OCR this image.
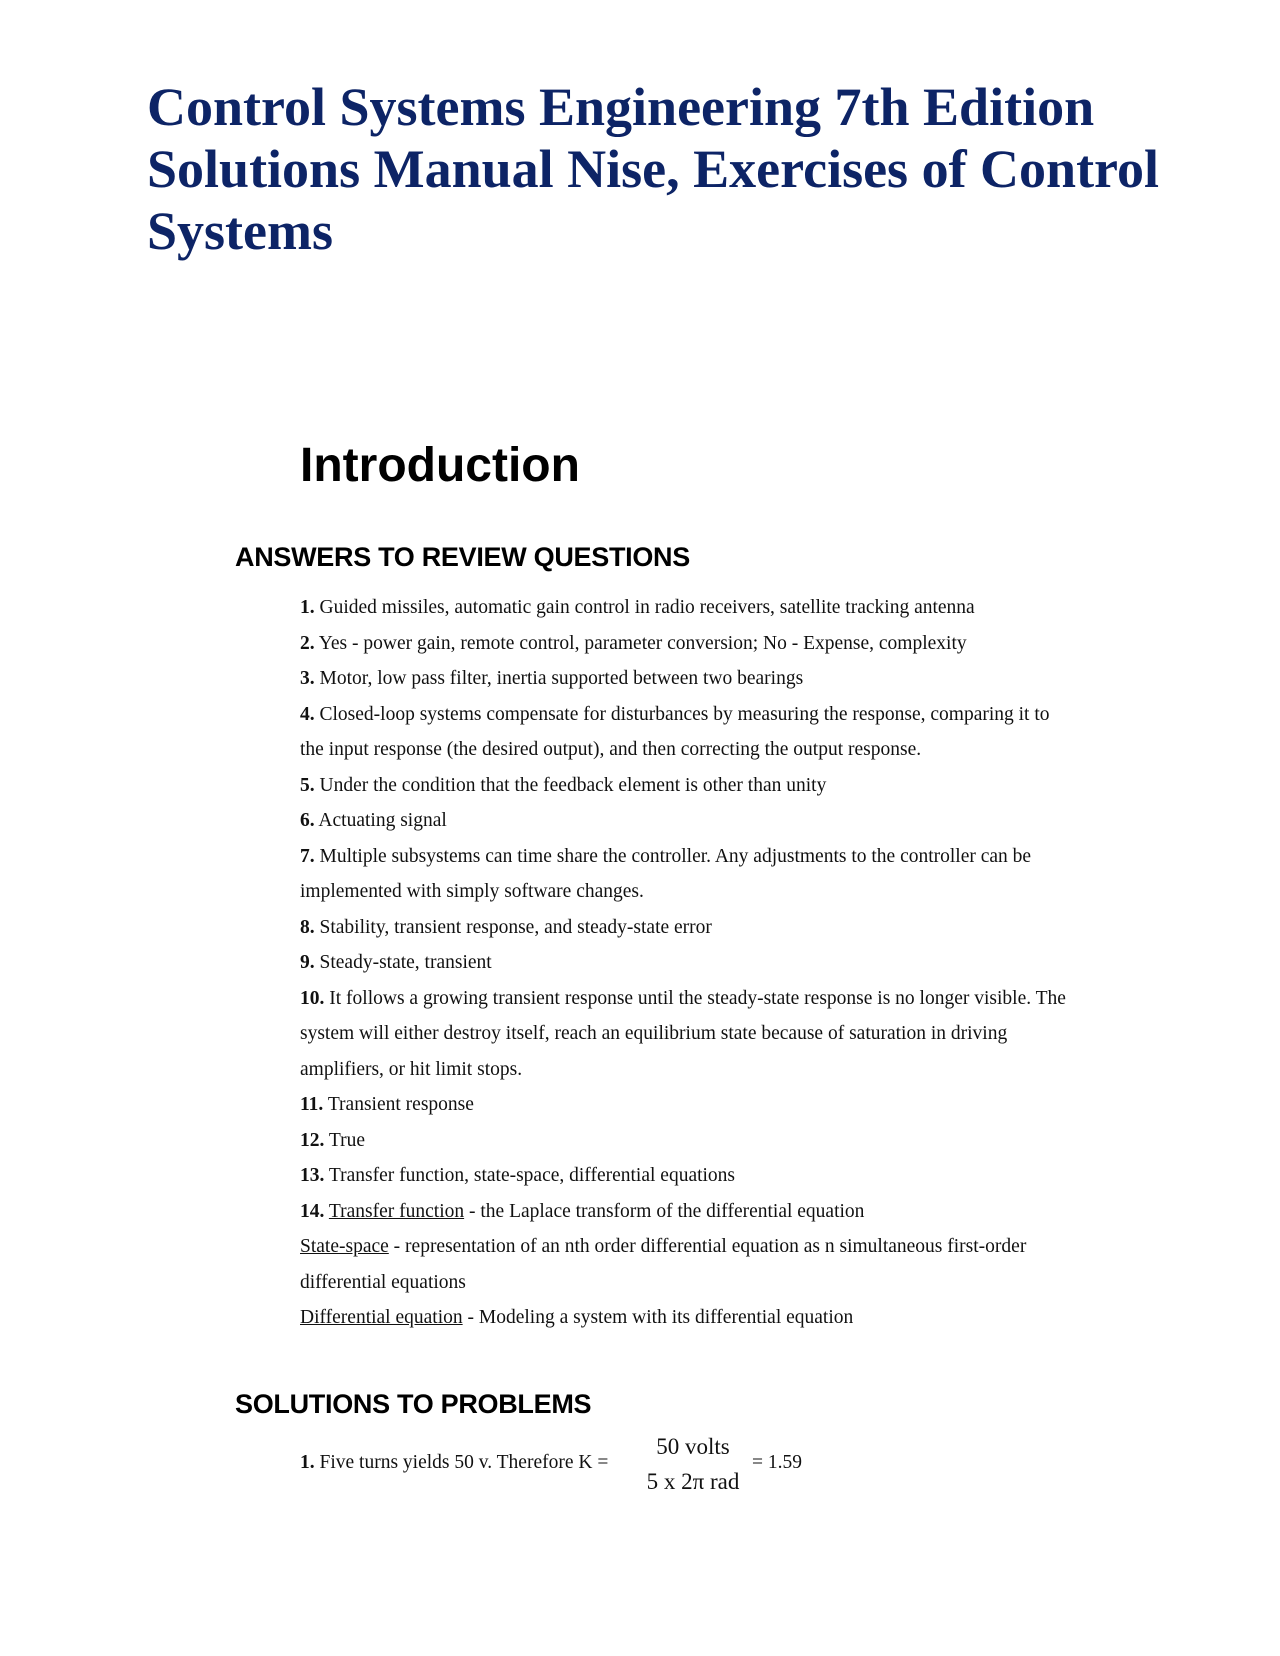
Control Systems Engineering 7th Edition Solutions Manual Nise, Exercises of Control Systems
Introduction
ANSWERS TO REVIEW QUESTIONS
1. Guided missiles, automatic gain control in radio receivers, satellite tracking antenna
2. Yes - power gain, remote control, parameter conversion; No - Expense, complexity
3. Motor, low pass filter, inertia supported between two bearings
4. Closed-loop systems compensate for disturbances by measuring the response, comparing it to
the input response (the desired output), and then correcting the output response.
5. Under the condition that the feedback element is other than unity
6. Actuating signal
7. Multiple subsystems can time share the controller. Any adjustments to the controller can be
implemented with simply software changes.
8. Stability, transient response, and steady-state error
9. Steady-state, transient
10. It follows a growing transient response until the steady-state response is no longer visible. The
system will either destroy itself, reach an equilibrium state because of saturation in driving
amplifiers, or hit limit stops.
11. Transient response
12. True
13. Transfer function, state-space, differential equations
14. Transfer function - the Laplace transform of the differential equation
State-space - representation of an nth order differential equation as n simultaneous first-order
differential equations
Differential equation - Modeling a system with its differential equation
SOLUTIONS TO PROBLEMS
1. Five turns yields 50 v. Therefore K =
50 volts
5 x 2π rad
= 1.59
